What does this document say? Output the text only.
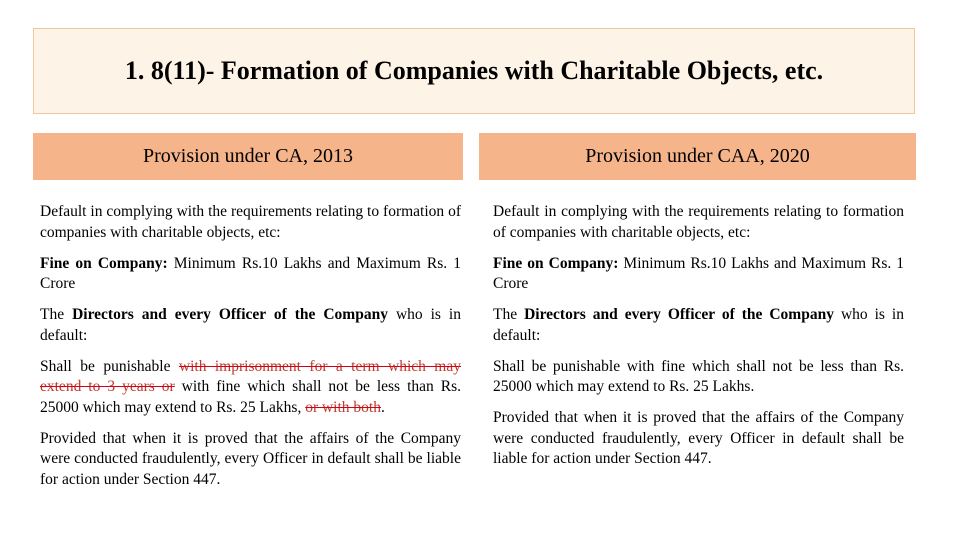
1. 8(11)- Formation of Companies with Charitable Objects, etc.
Provision under CA, 2013	Provision under CAA, 2020

Default in complying with the requirements relating to formation of companies with charitable objects, etc:

Fine on Company: Minimum Rs.10 Lakhs and Maximum Rs. 1 Crore

The Directors and every Officer of the Company who is in default:

Shall be punishable with imprisonment for a term which may extend to 3 years or with fine which shall not be less than Rs. 25000 which may extend to Rs. 25 Lakhs, or with both.

Provided that when it is proved that the affairs of the Company were conducted fraudulently, every Officer in default shall be liable for action under Section 447.

Default in complying with the requirements relating to formation of companies with charitable objects, etc:

Fine on Company: Minimum Rs.10 Lakhs and Maximum Rs. 1 Crore

The Directors and every Officer of the Company who is in default:

Shall be punishable with fine which shall not be less than Rs. 25000 which may extend to Rs. 25 Lakhs.

Provided that when it is proved that the affairs of the Company were conducted fraudulently, every Officer in default shall be liable for action under Section 447.
